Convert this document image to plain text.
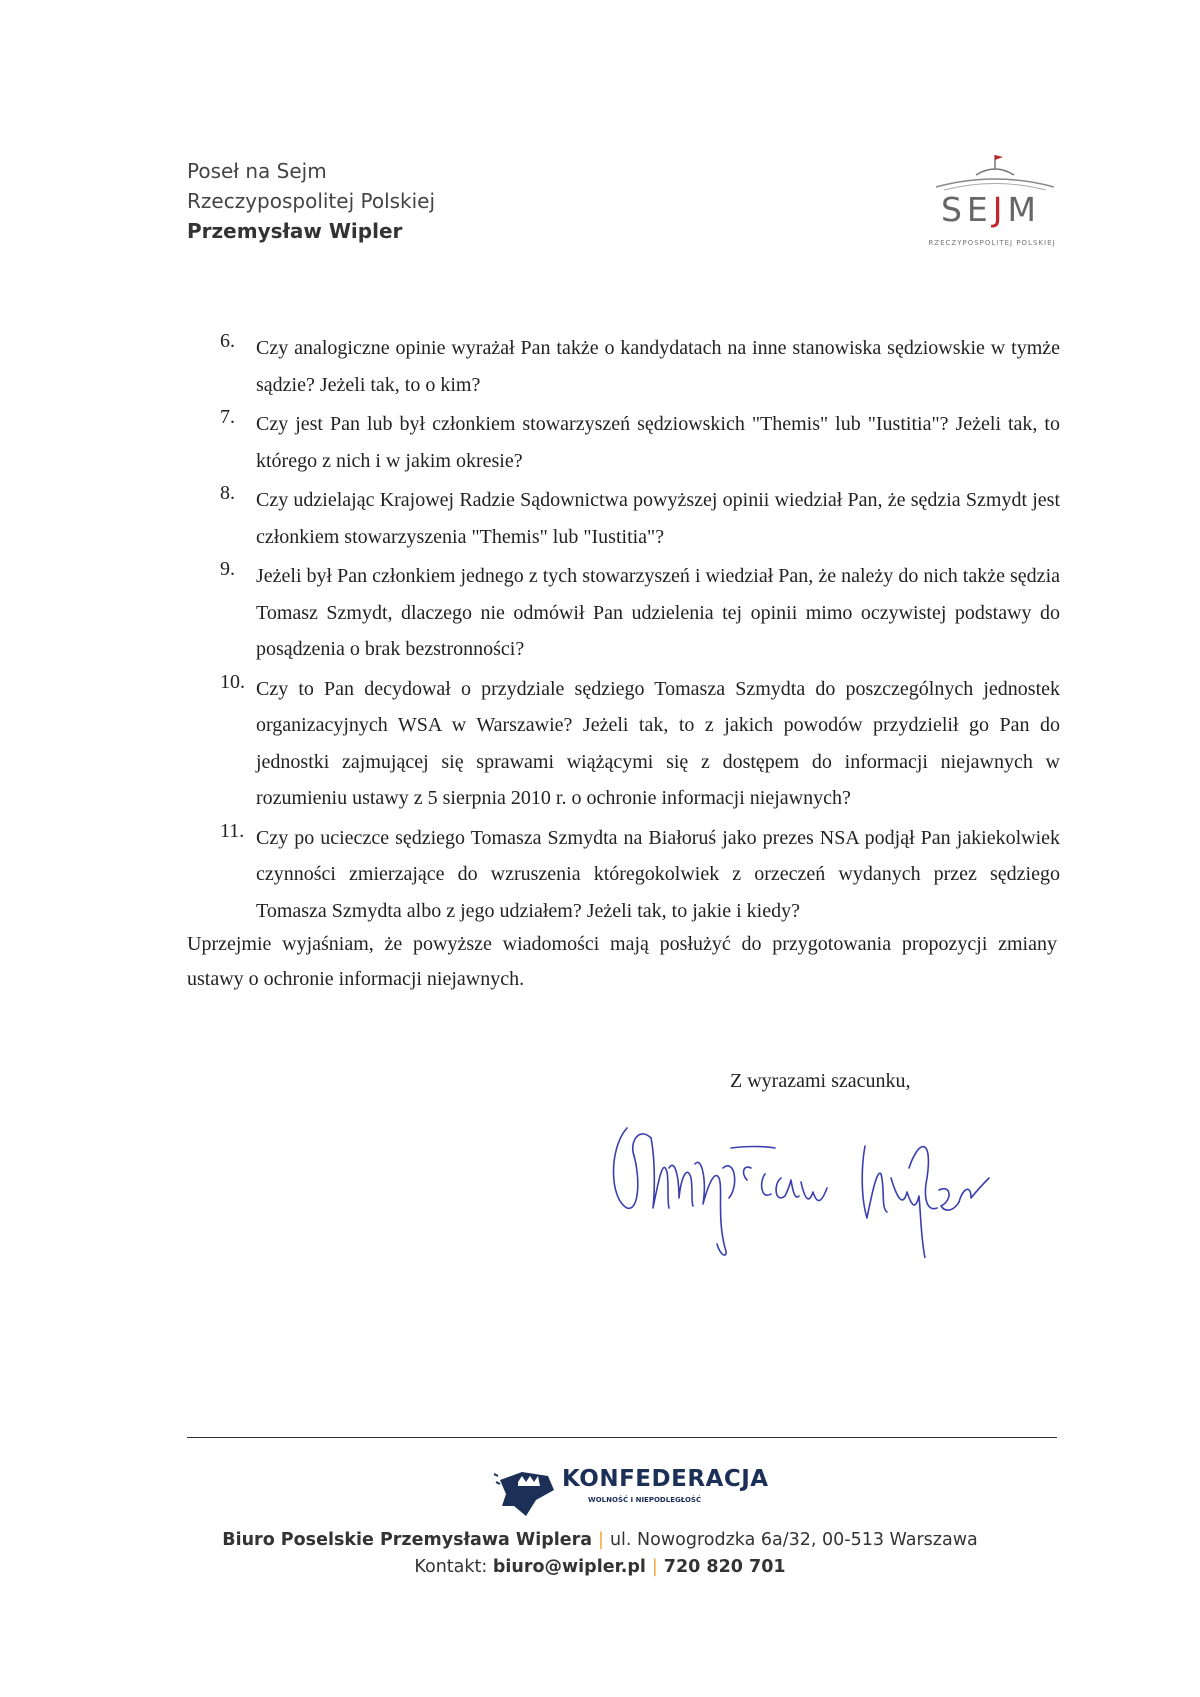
Poseł na Sejm
Rzeczypospolitej Polskiej
Przemysław Wipler
SEJM
RZECZYPOSPOLITEJ POLSKIEJ
6.	Czy analogiczne opinie wyrażał Pan także o kandydatach na inne stanowiska sędziowskie w tymże sądzie? Jeżeli tak, to o kim?
7.	Czy jest Pan lub był członkiem stowarzyszeń sędziowskich "Themis" lub "Iustitia"? Jeżeli tak, to którego z nich i w jakim okresie?
8.	Czy udzielając Krajowej Radzie Sądownictwa powyższej opinii wiedział Pan, że sędzia Szmydt jest członkiem stowarzyszenia "Themis" lub "Iustitia"?
9.	Jeżeli był Pan członkiem jednego z tych stowarzyszeń i wiedział Pan, że należy do nich także sędzia Tomasz Szmydt, dlaczego nie odmówił Pan udzielenia tej opinii mimo oczywistej podstawy do posądzenia o brak bezstronności?
10. Czy to Pan decydował o przydziale sędziego Tomasza Szmydta do poszczególnych jednostek organizacyjnych WSA w Warszawie? Jeżeli tak, to z jakich powodów przydzielił go Pan do jednostki zajmującej się sprawami wiążącymi się z dostępem do informacji niejawnych w rozumieniu ustawy z 5 sierpnia 2010 r. o ochronie informacji niejawnych?
11. Czy po ucieczce sędziego Tomasza Szmydta na Białoruś jako prezes NSA podjął Pan jakiekolwiek czynności zmierzające do wzruszenia któregokolwiek z orzeczeń wydanych przez sędziego Tomasza Szmydta albo z jego udziałem? Jeżeli tak, to jakie i kiedy?
Uprzejmie wyjaśniam, że powyższe wiadomości mają posłużyć do przygotowania propozycji zmiany ustawy o ochronie informacji niejawnych.
Z wyrazami szacunku,
KONFEDERACJA
WOLNOŚĆ I NIEPODLEGŁOŚĆ
Biuro Poselskie Przemysława Wiplera | ul. Nowogrodzka 6a/32, 00-513 Warszawa
Kontakt: biuro@wipler.pl | 720 820 701
